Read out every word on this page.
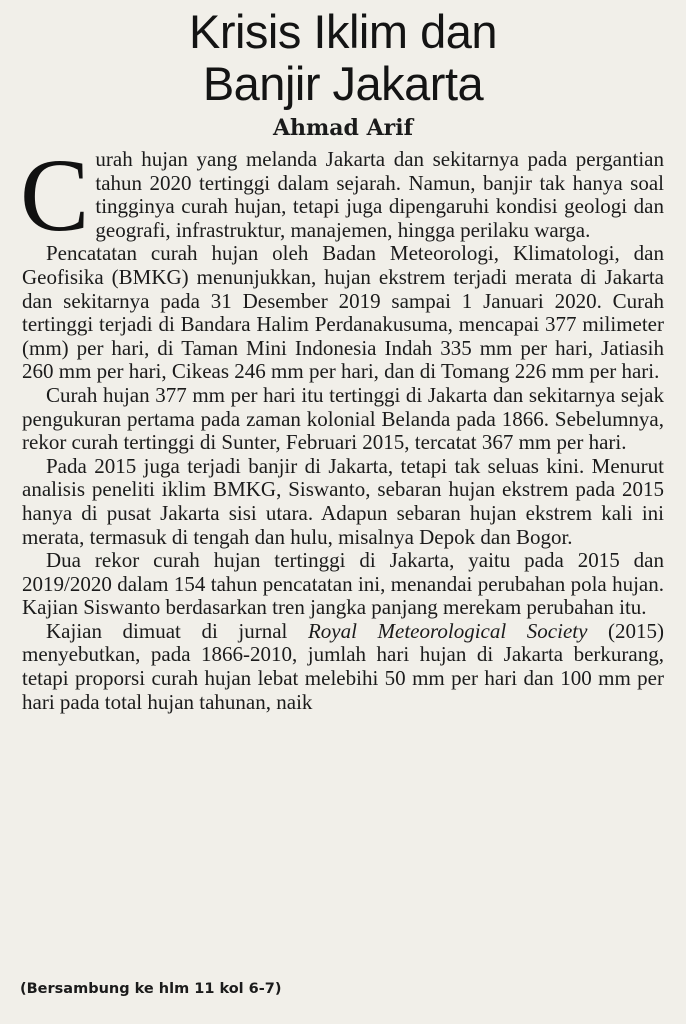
Krisis Iklim dan
Banjir Jakarta
Ahmad Arif

Curah hujan yang melanda Jakarta dan sekitarnya pada pergantian tahun 2020 tertinggi dalam sejarah. Namun, banjir tak hanya soal tingginya curah hujan, tetapi juga dipengaruhi kondisi geologi dan geografi, infrastruktur, manajemen, hingga perilaku warga.

Pencatatan curah hujan oleh Badan Meteorologi, Klimatologi, dan Geofisika (BMKG) menunjukkan, hujan ekstrem terjadi merata di Jakarta dan sekitarnya pada 31 Desember 2019 sampai 1 Januari 2020. Curah tertinggi terjadi di Bandara Halim Perdanakusuma, mencapai 377 milimeter (mm) per hari, di Taman Mini Indonesia Indah 335 mm per hari, Jatiasih 260 mm per hari, Cikeas 246 mm per hari, dan di Tomang 226 mm per hari.

Curah hujan 377 mm per hari itu tertinggi di Jakarta dan sekitarnya sejak pengukuran pertama pada zaman kolonial Belanda pada 1866. Sebelumnya, rekor curah tertinggi di Sunter, Februari 2015, tercatat 367 mm per hari.

Pada 2015 juga terjadi banjir di Jakarta, tetapi tak seluas kini. Menurut analisis peneliti iklim BMKG, Siswanto, sebaran hujan ekstrem pada 2015 hanya di pusat Jakarta sisi utara. Adapun sebaran hujan ekstrem kali ini merata, termasuk di tengah dan hulu, misalnya Depok dan Bogor.

Dua rekor curah hujan tertinggi di Jakarta, yaitu pada 2015 dan 2019/2020 dalam 154 tahun pencatatan ini, menandai perubahan pola hujan. Kajian Siswanto berdasarkan tren jangka panjang merekam perubahan itu.

Kajian dimuat di jurnal Royal Meteorological Society (2015) menyebutkan, pada 1866-2010, jumlah hari hujan di Jakarta berkurang, tetapi proporsi curah hujan lebat melebihi 50 mm per hari dan 100 mm per hari pada total hujan tahunan, naik

(Bersambung ke hlm 11 kol 6-7)
